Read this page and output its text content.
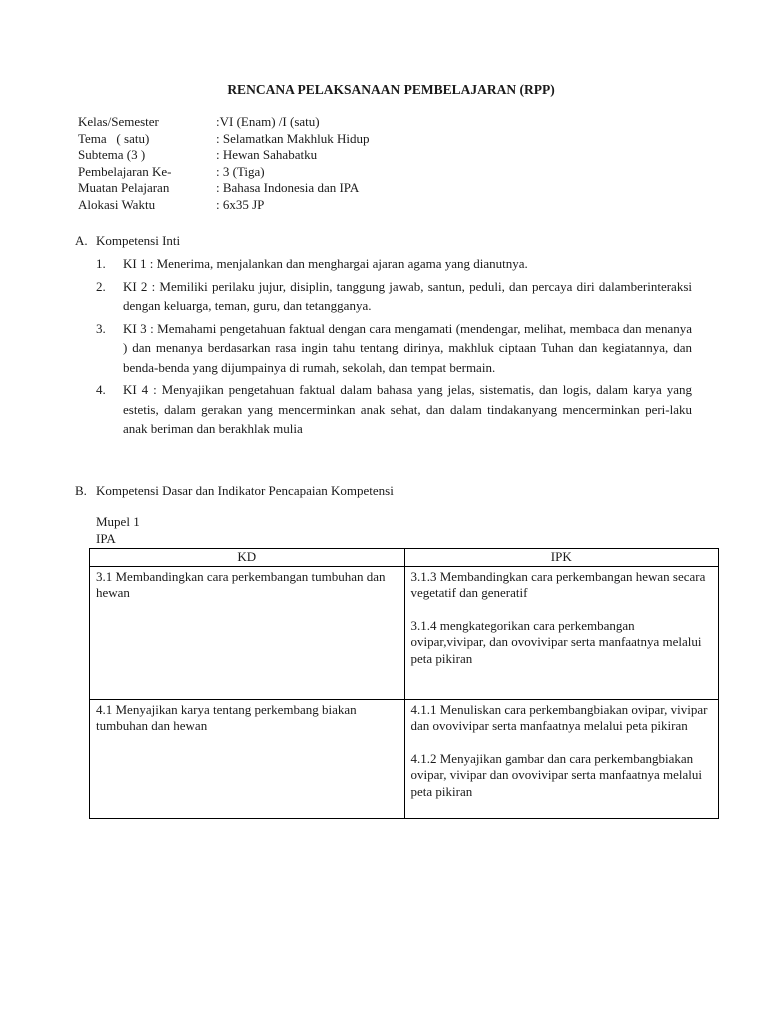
RENCANA PELAKSANAAN PEMBELAJARAN (RPP)
Kelas/Semester	:VI (Enam) /I (satu)
Tema   ( satu)	: Selamatkan Makhluk Hidup
Subtema (3 )	: Hewan Sahabatku
Pembelajaran Ke-	: 3 (Tiga)
Muatan Pelajaran	: Bahasa Indonesia dan IPA
Alokasi Waktu	: 6x35 JP
A. Kompetensi Inti
1.	KI 1 : Menerima, menjalankan dan menghargai ajaran agama yang dianutnya.
2.	KI 2 : Memiliki perilaku jujur, disiplin, tanggung jawab, santun, peduli, dan percaya diri dalamberinteraksi dengan keluarga, teman, guru, dan tetangganya.
3.	KI 3 : Memahami pengetahuan faktual dengan cara mengamati (mendengar, melihat, membaca dan menanya ) dan menanya berdasarkan rasa ingin tahu tentang dirinya, makhluk ciptaan Tuhan dan kegiatannya, dan benda-benda yang dijumpainya di rumah, sekolah, dan tempat bermain.
4.	KI 4 : Menyajikan pengetahuan faktual dalam bahasa yang jelas, sistematis, dan logis, dalam karya yang estetis, dalam gerakan yang mencerminkan anak sehat, dan dalam tindakanyang mencerminkan peri-laku anak beriman dan berakhlak mulia
B. Kompetensi Dasar dan Indikator Pencapaian Kompetensi
Mupel 1
IPA
KD	IPK
3.1 Membandingkan cara perkembangan tumbuhan dan hewan	3.1.3 Membandingkan cara perkembangan hewan secara vegetatif dan generatif
3.1.4 mengkategorikan cara perkembangan ovipar,vivipar, dan ovovivipar serta manfaatnya melalui peta pikiran

4.1 Menyajikan karya tentang perkembang biakan tumbuhan dan hewan	4.1.1 Menuliskan cara perkembangbiakan ovipar, vivipar dan ovovivipar serta manfaatnya melalui peta pikiran
4.1.2 Menyajikan gambar dan cara perkembangbiakan ovipar, vivipar dan ovovivipar serta manfaatnya melalui peta pikiran
